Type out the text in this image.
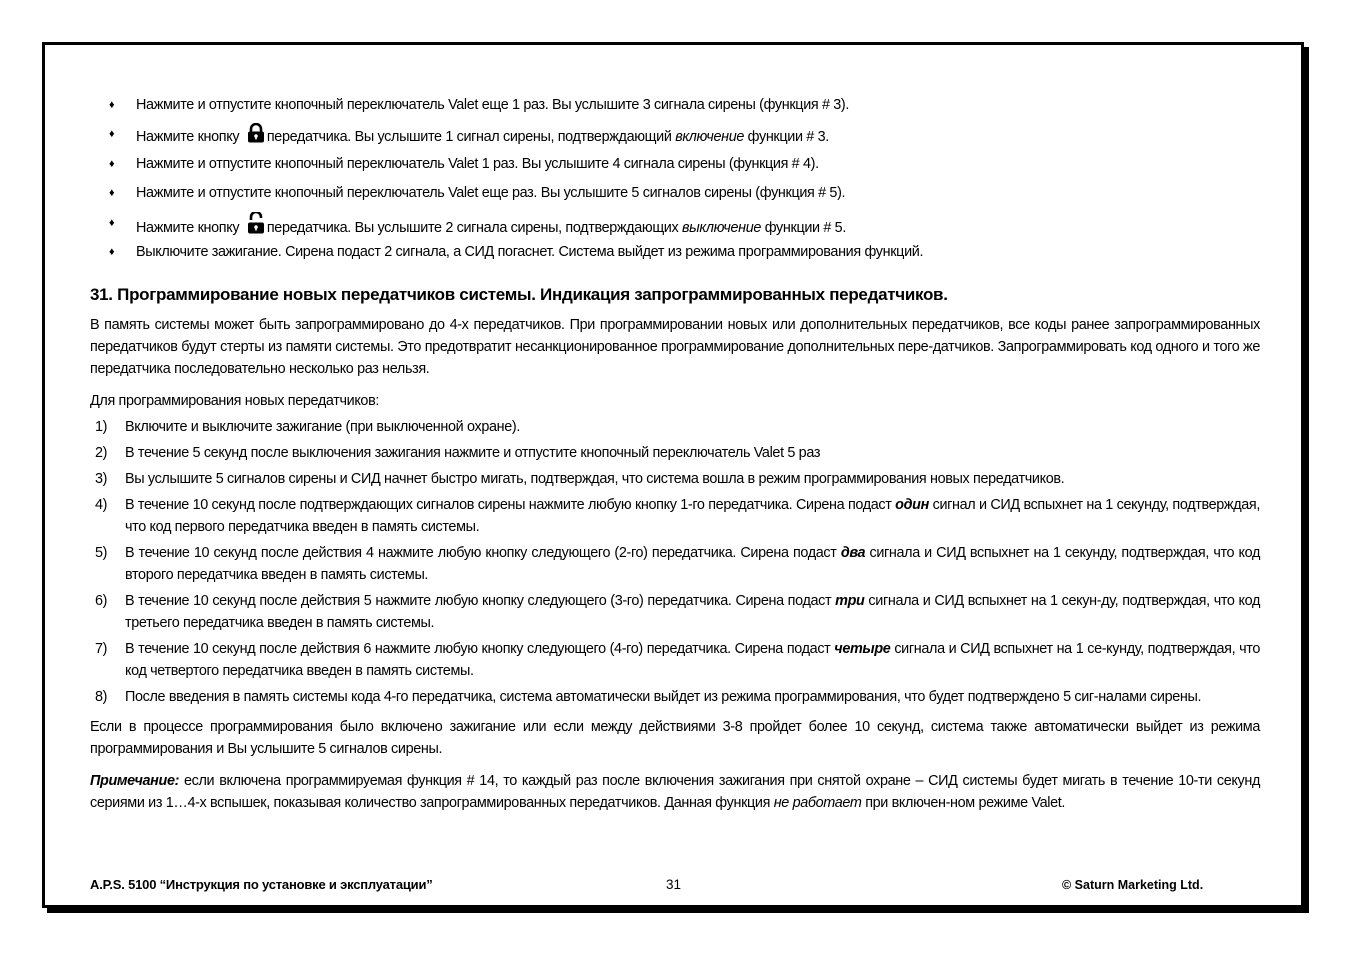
♦ Нажмите и отпустите кнопочный переключатель Valet еще 1 раз. Вы услышите 3 сигнала сирены (функция # 3).
♦ Нажмите кнопку передатчика. Вы услышите 1 сигнал сирены, подтверждающий включение функции # 3.
♦ Нажмите и отпустите кнопочный переключатель Valet 1 раз. Вы услышите 4 сигнала сирены (функция # 4).
♦ Нажмите и отпустите кнопочный переключатель Valet еще раз. Вы услышите 5 сигналов сирены (функция # 5).
♦ Нажмите кнопку передатчика. Вы услышите 2 сигнала сирены, подтверждающих выключение функции # 5.
♦ Выключите зажигание. Сирена подаст 2 сигнала, а СИД погаснет. Система выйдет из режима программирования функций.
31. Программирование новых передатчиков системы. Индикация запрограммированных передатчиков.

В память системы может быть запрограммировано до 4-х передатчиков. При программировании новых или дополнительных передатчиков, все коды ранее запрограммированных передатчиков будут стерты из памяти системы. Это предотвратит несанкционированное программирование дополнительных пере-датчиков. Запрограммировать код одного и того же передатчика последовательно несколько раз нельзя.

Для программирования новых передатчиков:

1) Включите и выключите зажигание (при выключенной охране).
2) В течение 5 секунд после выключения зажигания нажмите и отпустите кнопочный переключатель Valet 5 раз
3) Вы услышите 5 сигналов сирены и СИД начнет быстро мигать, подтверждая, что система вошла в режим программирования новых передатчиков.
4) В течение 10 секунд после подтверждающих сигналов сирены нажмите любую кнопку 1-го передатчика. Сирена подаст один сигнал и СИД вспыхнет на 1 секунду, подтверждая, что код первого передатчика введен в память системы.
5) В течение 10 секунд после действия 4 нажмите любую кнопку следующего (2-го) передатчика. Сирена подаст два сигнала и СИД вспыхнет на 1 секунду, подтверждая, что код второго передатчика введен в память системы.
6) В течение 10 секунд после действия 5 нажмите любую кнопку следующего (3-го) передатчика. Сирена подаст три сигнала и СИД вспыхнет на 1 секун-ду, подтверждая, что код третьего передатчика введен в память системы.
7) В течение 10 секунд после действия 6 нажмите любую кнопку следующего (4-го) передатчика. Сирена подаст четыре сигнала и СИД вспыхнет на 1 се-кунду, подтверждая, что код четвертого передатчика введен в память системы.
8) После введения в память системы кода 4-го передатчика, система автоматически выйдет из режима программирования, что будет подтверждено 5 сиг-налами сирены.

Если в процессе программирования было включено зажигание или если между действиями 3-8 пройдет более 10 секунд, система также автоматически выйдет из режима программирования и Вы услышите 5 сигналов сирены.

Примечание: если включена программируемая функция # 14, то каждый раз после включения зажигания при снятой охране – СИД системы будет мигать в течение 10-ти секунд сериями из 1…4-х вспышек, показывая количество запрограммированных передатчиков. Данная функция не работает при включен-ном режиме Valet.

A.P.S. 5100 “Инструкция по установке и эксплуатации”	31	© Saturn Marketing Ltd.
